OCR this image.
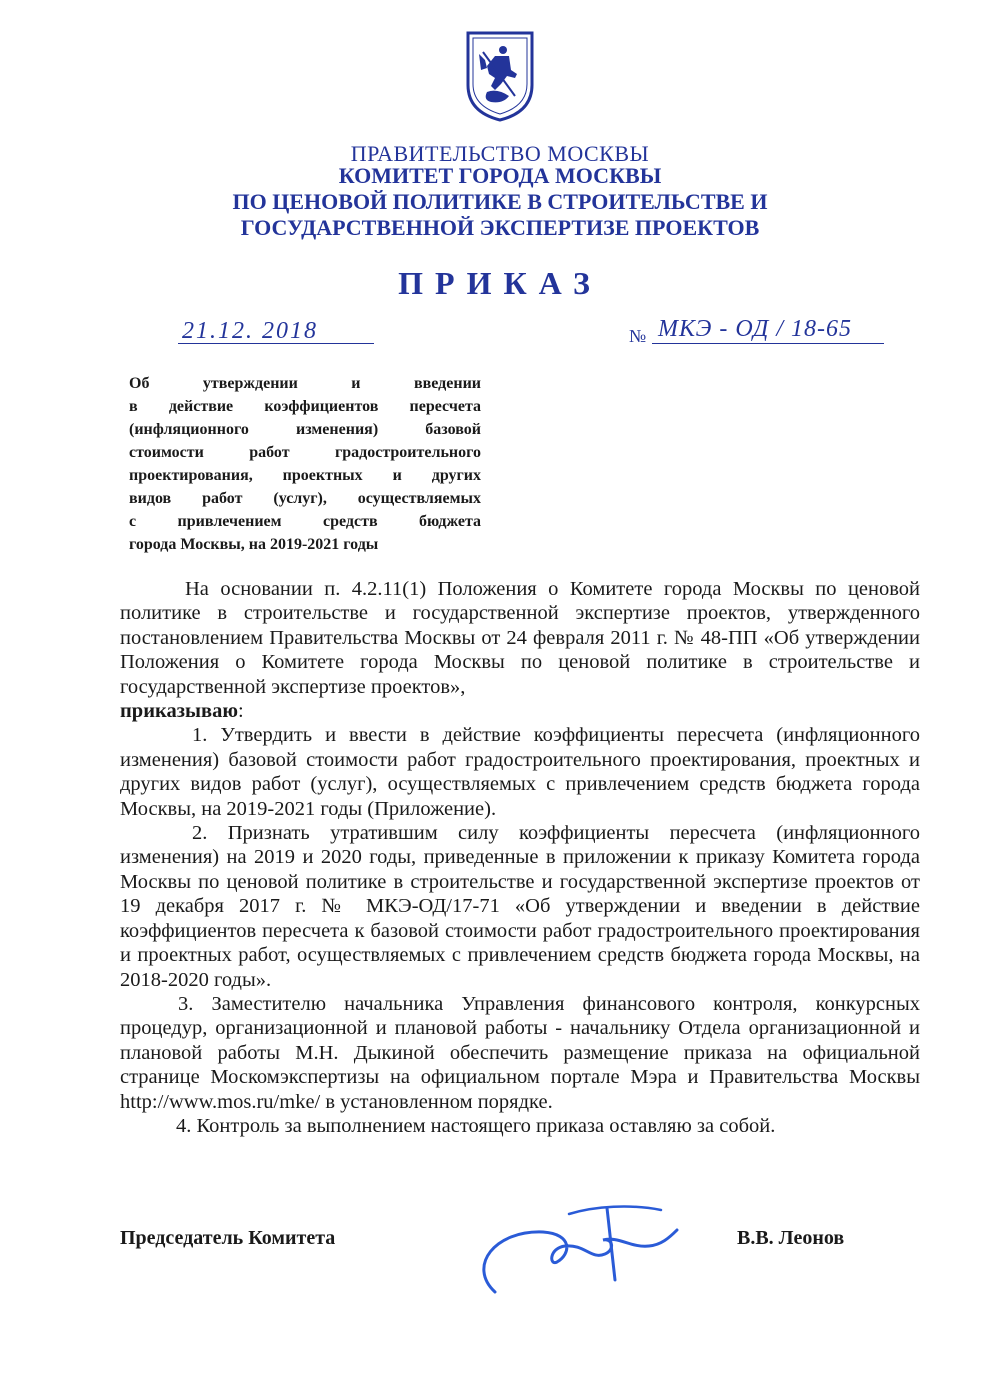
ПРАВИТЕЛЬСТВО МОСКВЫ
КОМИТЕТ ГОРОДА МОСКВЫ
ПО ЦЕНОВОЙ ПОЛИТИКЕ В СТРОИТЕЛЬСТВЕ И
ГОСУДАРСТВЕННОЙ ЭКСПЕРТИЗЕ ПРОЕКТОВ
ПРИКАЗ
21.12. 2018	№ МКЭ - ОД / 18-65
Об утверждении и введении
в действие коэффициентов пересчета
(инфляционного изменения) базовой
стоимости работ градостроительного
проектирования, проектных и других
видов работ (услуг), осуществляемых
с привлечением средств бюджета
города Москвы, на 2019-2021 годы

На основании п. 4.2.11(1) Положения о Комитете города Москвы по ценовой политике в строительстве и государственной экспертизе проектов, утвержденного постановлением Правительства Москвы от 24 февраля 2011 г. № 48-ПП «Об утверждении Положения о Комитете города Москвы по ценовой политике в строительстве и государственной экспертизе проектов»,
приказываю:

1. Утвердить и ввести в действие коэффициенты пересчета (инфляционного изменения) базовой стоимости работ градостроительного проектирования, проектных и других видов работ (услуг), осуществляемых с привлечением средств бюджета города Москвы, на 2019-2021 годы (Приложение).

2. Признать утратившим силу коэффициенты пересчета (инфляционного изменения) на 2019 и 2020 годы, приведенные в приложении к приказу Комитета города Москвы по ценовой политике в строительстве и государственной экспертизе проектов от 19 декабря 2017 г. № МКЭ-ОД/17-71 «Об утверждении и введении в действие коэффициентов пересчета к базовой стоимости работ градостроительного проектирования и проектных работ, осуществляемых с привлечением средств бюджета города Москвы, на 2018-2020 годы».

3. Заместителю начальника Управления финансового контроля, конкурсных процедур, организационной и плановой работы - начальнику Отдела организационной и плановой работы М.Н. Дыкиной обеспечить размещение приказа на официальной странице Москомэкспертизы на официальном портале Мэра и Правительства Москвы http://www.mos.ru/mke/ в установленном порядке.

4. Контроль за выполнением настоящего приказа оставляю за собой.

Председатель Комитета	В.В. Леонов
